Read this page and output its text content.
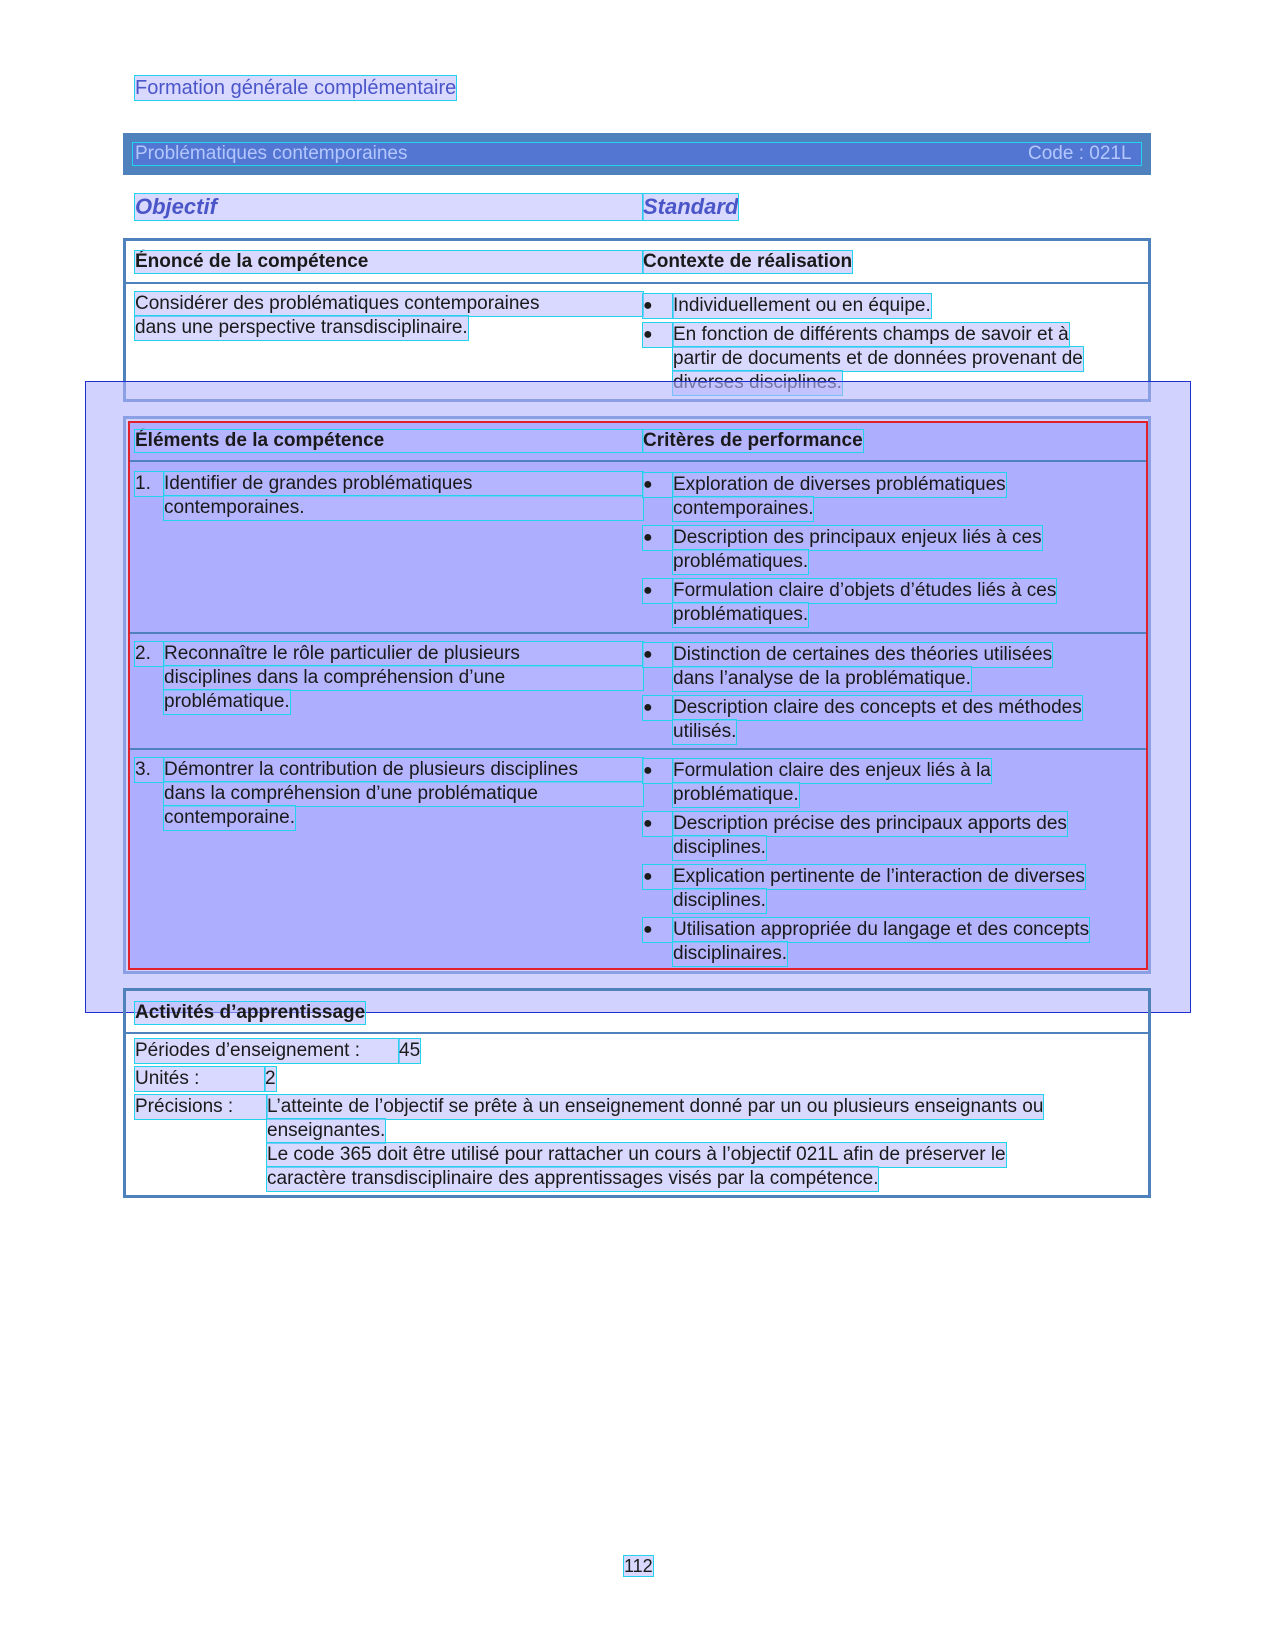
Formation générale complémentaire
Problématiques contemporaines	Code : 021L
Objectif	Standard
Énoncé de la compétence	Contexte de réalisation
Considérer des problématiques contemporaines
dans une perspective transdisciplinaire.
●	Individuellement ou en équipe.
●	En fonction de différents champs de savoir et à
partir de documents et de données provenant de
Éléments de la compétence	Critères de performance
1. Identifier de grandes problématiques
contemporaines.
●	Exploration de diverses problématiques
contemporaines.
●	Description des principaux enjeux liés à ces
problématiques.
●	Formulation claire d’objets d’études liés à ces
problématiques.
2. Reconnaître le rôle particulier de plusieurs
disciplines dans la compréhension d’une
problématique.
●	Distinction de certaines des théories utilisées
dans l’analyse de la problématique.
●	Description claire des concepts et des méthodes
utilisés.
3. Démontrer la contribution de plusieurs disciplines
dans la compréhension d’une problématique
contemporaine.
●	Formulation claire des enjeux liés à la
problématique.
●	Description précise des principaux apports des
disciplines.
●	Explication pertinente de l’interaction de diverses
disciplines.
●	Utilisation appropriée du langage et des concepts
disciplinaires.
Activités d’apprentissage
Périodes d’enseignement :	45
Unités :	2
Précisions :	L’atteinte de l’objectif se prête à un enseignement donné par un ou plusieurs enseignants ou
enseignantes.
Le code 365 doit être utilisé pour rattacher un cours à l’objectif 021L afin de préserver le
caractère transdisciplinaire des apprentissages visés par la compétence.
112
